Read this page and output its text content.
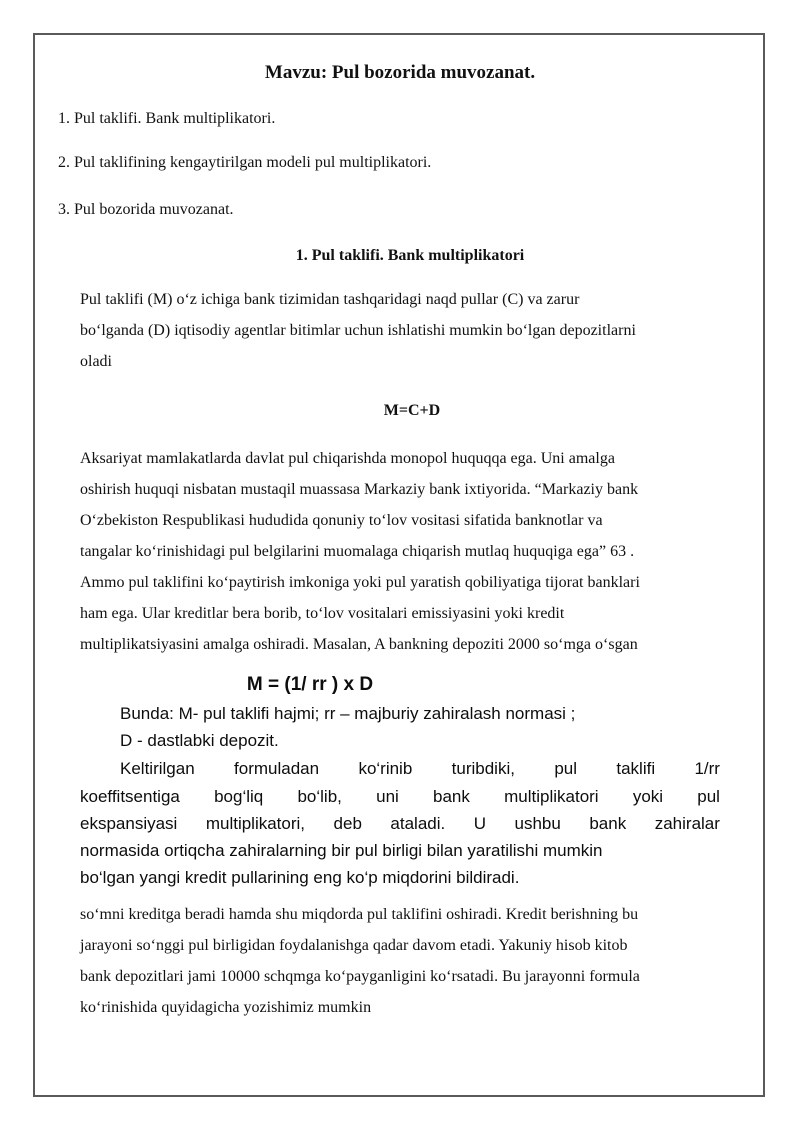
Mavzu: Pul bozorida muvozanat.
1. Pul taklifi. Bank multiplikatori.
2. Pul taklifining kengaytirilgan modeli pul multiplikatori.
3. Pul bozorida muvozanat.
1. Pul taklifi. Bank multiplikatori
Pul taklifi (M) o‘z ichiga bank tizimidan tashqaridagi naqd pullar (C) va zarur
bo‘lganda (D) iqtisodiy agentlar bitimlar uchun ishlatishi mumkin bo‘lgan depozitlarni
oladi
M=C+D
Aksariyat mamlakatlarda davlat pul chiqarishda monopol huquqqa ega. Uni amalga
oshirish huquqi nisbatan mustaqil muassasa Markaziy bank ixtiyorida. “Markaziy bank
O‘zbekiston Respublikasi hududida qonuniy to‘lov vositasi sifatida banknotlar va
tangalar ko‘rinishidagi pul belgilarini muomalaga chiqarish mutlaq huquqiga ega” 63 .
Ammo pul taklifini ko‘paytirish imkoniga yoki pul yaratish qobiliyatiga tijorat banklari
ham ega. Ular kreditlar bera borib, to‘lov vositalari emissiyasini yoki kredit
multiplikatsiyasini amalga oshiradi. Masalan, A bankning depoziti 2000 so‘mga o‘sgan
M = (1/ rr ) x D
Bunda: M- pul taklifi hajmi; rr – majburiy zahiralash normasi ;
D - dastlabki depozit.
Keltirilgan formuladan ko‘rinib turibdiki, pul taklifi 1/rr
koeffitsentiga bog‘liq bo‘lib, uni bank multiplikatori yoki pul
ekspansiyasi multiplikatori, deb ataladi. U ushbu bank zahiralar
normasida ortiqcha zahiralarning bir pul birligi bilan yaratilishi mumkin
bo‘lgan yangi kredit pullarining eng ko‘p miqdorini bildiradi.
so‘mni kreditga beradi hamda shu miqdorda pul taklifini oshiradi. Kredit berishning bu
jarayoni so‘nggi pul birligidan foydalanishga qadar davom etadi. Yakuniy hisob kitob
bank depozitlari jami 10000 schqmga ko‘payganligini ko‘rsatadi. Bu jarayonni formula
ko‘rinishida quyidagicha yozishimiz mumkin
